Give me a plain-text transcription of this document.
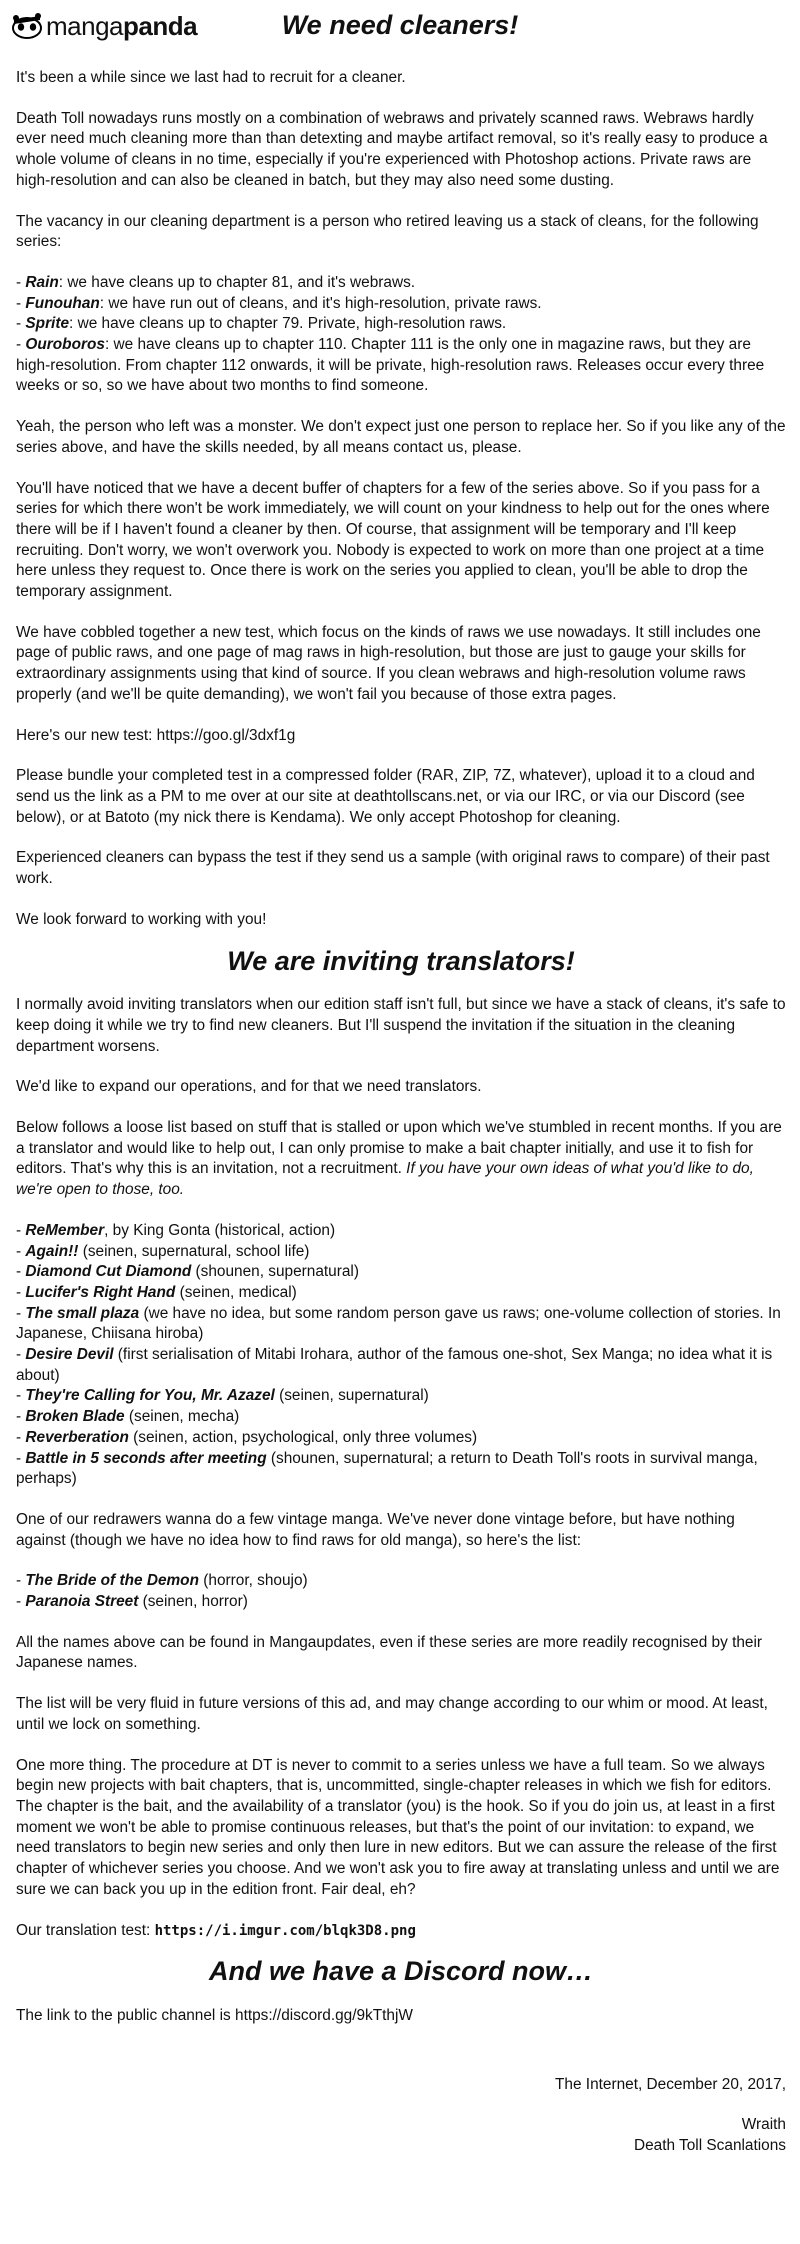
mangapanda	We need cleaners!

It's been a while since we last had to recruit for a cleaner.

Death Toll nowadays runs mostly on a combination of webraws and privately scanned raws. Webraws hardly ever need much cleaning more than than detexting and maybe artifact removal, so it's really easy to produce a whole volume of cleans in no time, especially if you're experienced with Photoshop actions. Private raws are high-resolution and can also be cleaned in batch, but they may also need some dusting.

The vacancy in our cleaning department is a person who retired leaving us a stack of cleans, for the following series:

- Rain: we have cleans up to chapter 81, and it's webraws.
- Funouhan: we have run out of cleans, and it's high-resolution, private raws.
- Sprite: we have cleans up to chapter 79. Private, high-resolution raws.
- Ouroboros: we have cleans up to chapter 110. Chapter 111 is the only one in magazine raws, but they are high-resolution. From chapter 112 onwards, it will be private, high-resolution raws. Releases occur every three weeks or so, so we have about two months to find someone.

Yeah, the person who left was a monster. We don't expect just one person to replace her. So if you like any of the series above, and have the skills needed, by all means contact us, please.

You'll have noticed that we have a decent buffer of chapters for a few of the series above. So if you pass for a series for which there won't be work immediately, we will count on your kindness to help out for the ones where there will be if I haven't found a cleaner by then. Of course, that assignment will be temporary and I'll keep recruiting. Don't worry, we won't overwork you. Nobody is expected to work on more than one project at a time here unless they request to. Once there is work on the series you applied to clean, you'll be able to drop the temporary assignment.

We have cobbled together a new test, which focus on the kinds of raws we use nowadays. It still includes one page of public raws, and one page of mag raws in high-resolution, but those are just to gauge your skills for extraordinary assignments using that kind of source. If you clean webraws and high-resolution volume raws properly (and we'll be quite demanding), we won't fail you because of those extra pages.

Here's our new test: https://goo.gl/3dxf1g

Please bundle your completed test in a compressed folder (RAR, ZIP, 7Z, whatever), upload it to a cloud and send us the link as a PM to me over at our site at deathtollscans.net, or via our IRC, or via our Discord (see below), or at Batoto (my nick there is Kendama). We only accept Photoshop for cleaning.

Experienced cleaners can bypass the test if they send us a sample (with original raws to compare) of their past work.

We look forward to working with you!

We are inviting translators!

I normally avoid inviting translators when our edition staff isn't full, but since we have a stack of cleans, it's safe to keep doing it while we try to find new cleaners. But I'll suspend the invitation if the situation in the cleaning department worsens.

We'd like to expand our operations, and for that we need translators.

Below follows a loose list based on stuff that is stalled or upon which we've stumbled in recent months. If you are a translator and would like to help out, I can only promise to make a bait chapter initially, and use it to fish for editors. That's why this is an invitation, not a recruitment. If you have your own ideas of what you'd like to do, we're open to those, too.

- ReMember, by King Gonta (historical, action)
- Again!! (seinen, supernatural, school life)
- Diamond Cut Diamond (shounen, supernatural)
- Lucifer's Right Hand (seinen, medical)
- The small plaza (we have no idea, but some random person gave us raws; one-volume collection of stories. In Japanese, Chiisana hiroba)
- Desire Devil (first serialisation of Mitabi Irohara, author of the famous one-shot, Sex Manga; no idea what it is about)
- They're Calling for You, Mr. Azazel (seinen, supernatural)
- Broken Blade (seinen, mecha)
- Reverberation (seinen, action, psychological, only three volumes)
- Battle in 5 seconds after meeting (shounen, supernatural; a return to Death Toll's roots in survival manga, perhaps)

One of our redrawers wanna do a few vintage manga. We've never done vintage before, but have nothing against (though we have no idea how to find raws for old manga), so here's the list:

- The Bride of the Demon (horror, shoujo)
- Paranoia Street (seinen, horror)

All the names above can be found in Mangaupdates, even if these series are more readily recognised by their Japanese names.

The list will be very fluid in future versions of this ad, and may change according to our whim or mood. At least, until we lock on something.

One more thing. The procedure at DT is never to commit to a series unless we have a full team. So we always begin new projects with bait chapters, that is, uncommitted, single-chapter releases in which we fish for editors. The chapter is the bait, and the availability of a translator (you) is the hook. So if you do join us, at least in a first moment we won't be able to promise continuous releases, but that's the point of our invitation: to expand, we need translators to begin new series and only then lure in new editors. But we can assure the release of the first chapter of whichever series you choose. And we won't ask you to fire away at translating unless and until we are sure we can back you up in the edition front. Fair deal, eh?

Our translation test: https://i.imgur.com/blqk3D8.png

And we have a Discord now…

The link to the public channel is https://discord.gg/9kTthjW

The Internet, December 20, 2017,

Wraith

Death Toll Scanlations
